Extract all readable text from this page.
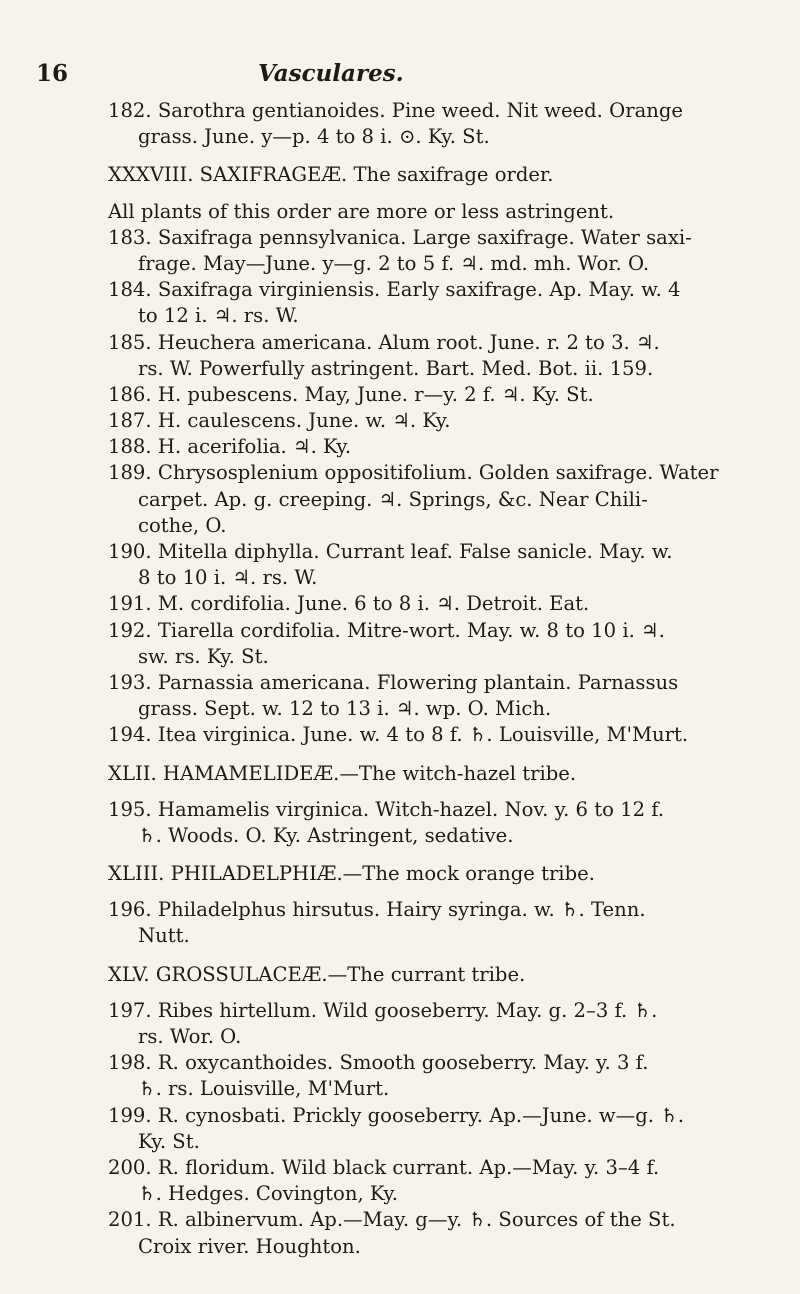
16	Vasculares.
182. Sarothra gentianoides. Pine weed. Nit weed. Orange
grass. June. y—p. 4 to 8 i. ⊙. Ky. St.
XXXVIII. SAXIFRAGEÆ. The saxifrage order.
All plants of this order are more or less astringent.
183. Saxifraga pennsylvanica. Large saxifrage. Water saxi-
frage. May—June. y—g. 2 to 5 f. ♃. md. mh. Wor. O.
184. Saxifraga virginiensis. Early saxifrage. Ap. May. w. 4
to 12 i. ♃. rs. W.
185. Heuchera americana. Alum root. June. r. 2 to 3. ♃.
rs. W. Powerfully astringent. Bart. Med. Bot. ii. 159.
186. H. pubescens. May, June. r—y. 2 f. ♃. Ky. St.
187. H. caulescens. June. w. ♃. Ky.
188. H. acerifolia. ♃. Ky.
189. Chrysosplenium oppositifolium. Golden saxifrage. Water
carpet. Ap. g. creeping. ♃. Springs, &c. Near Chili-
cothe, O.
190. Mitella diphylla. Currant leaf. False sanicle. May. w.
8 to 10 i. ♃. rs. W.
191. M. cordifolia. June. 6 to 8 i. ♃. Detroit. Eat.
192. Tiarella cordifolia. Mitre-wort. May. w. 8 to 10 i. ♃.
sw. rs. Ky. St.
193. Parnassia americana. Flowering plantain. Parnassus
grass. Sept. w. 12 to 13 i. ♃. wp. O. Mich.
194. Itea virginica. June. w. 4 to 8 f. ♄. Louisville, M'Murt.
XLII. HAMAMELIDEÆ.—The witch-hazel tribe.
195. Hamamelis virginica. Witch-hazel. Nov. y. 6 to 12 f.
♄. Woods. O. Ky. Astringent, sedative.
XLIII. PHILADELPHIÆ.—The mock orange tribe.
196. Philadelphus hirsutus. Hairy syringa. w. ♄. Tenn.
Nutt.
XLV. GROSSULACEÆ.—The currant tribe.
197. Ribes hirtellum. Wild gooseberry. May. g. 2–3 f. ♄.
rs. Wor. O.
198. R. oxycanthoides. Smooth gooseberry. May. y. 3 f.
♄. rs. Louisville, M'Murt.
199. R. cynosbati. Prickly gooseberry. Ap.—June. w—g. ♄.
Ky. St.
200. R. floridum. Wild black currant. Ap.—May. y. 3–4 f.
♄. Hedges. Covington, Ky.
201. R. albinervum. Ap.—May. g—y. ♄. Sources of the St.
Croix river. Houghton.
